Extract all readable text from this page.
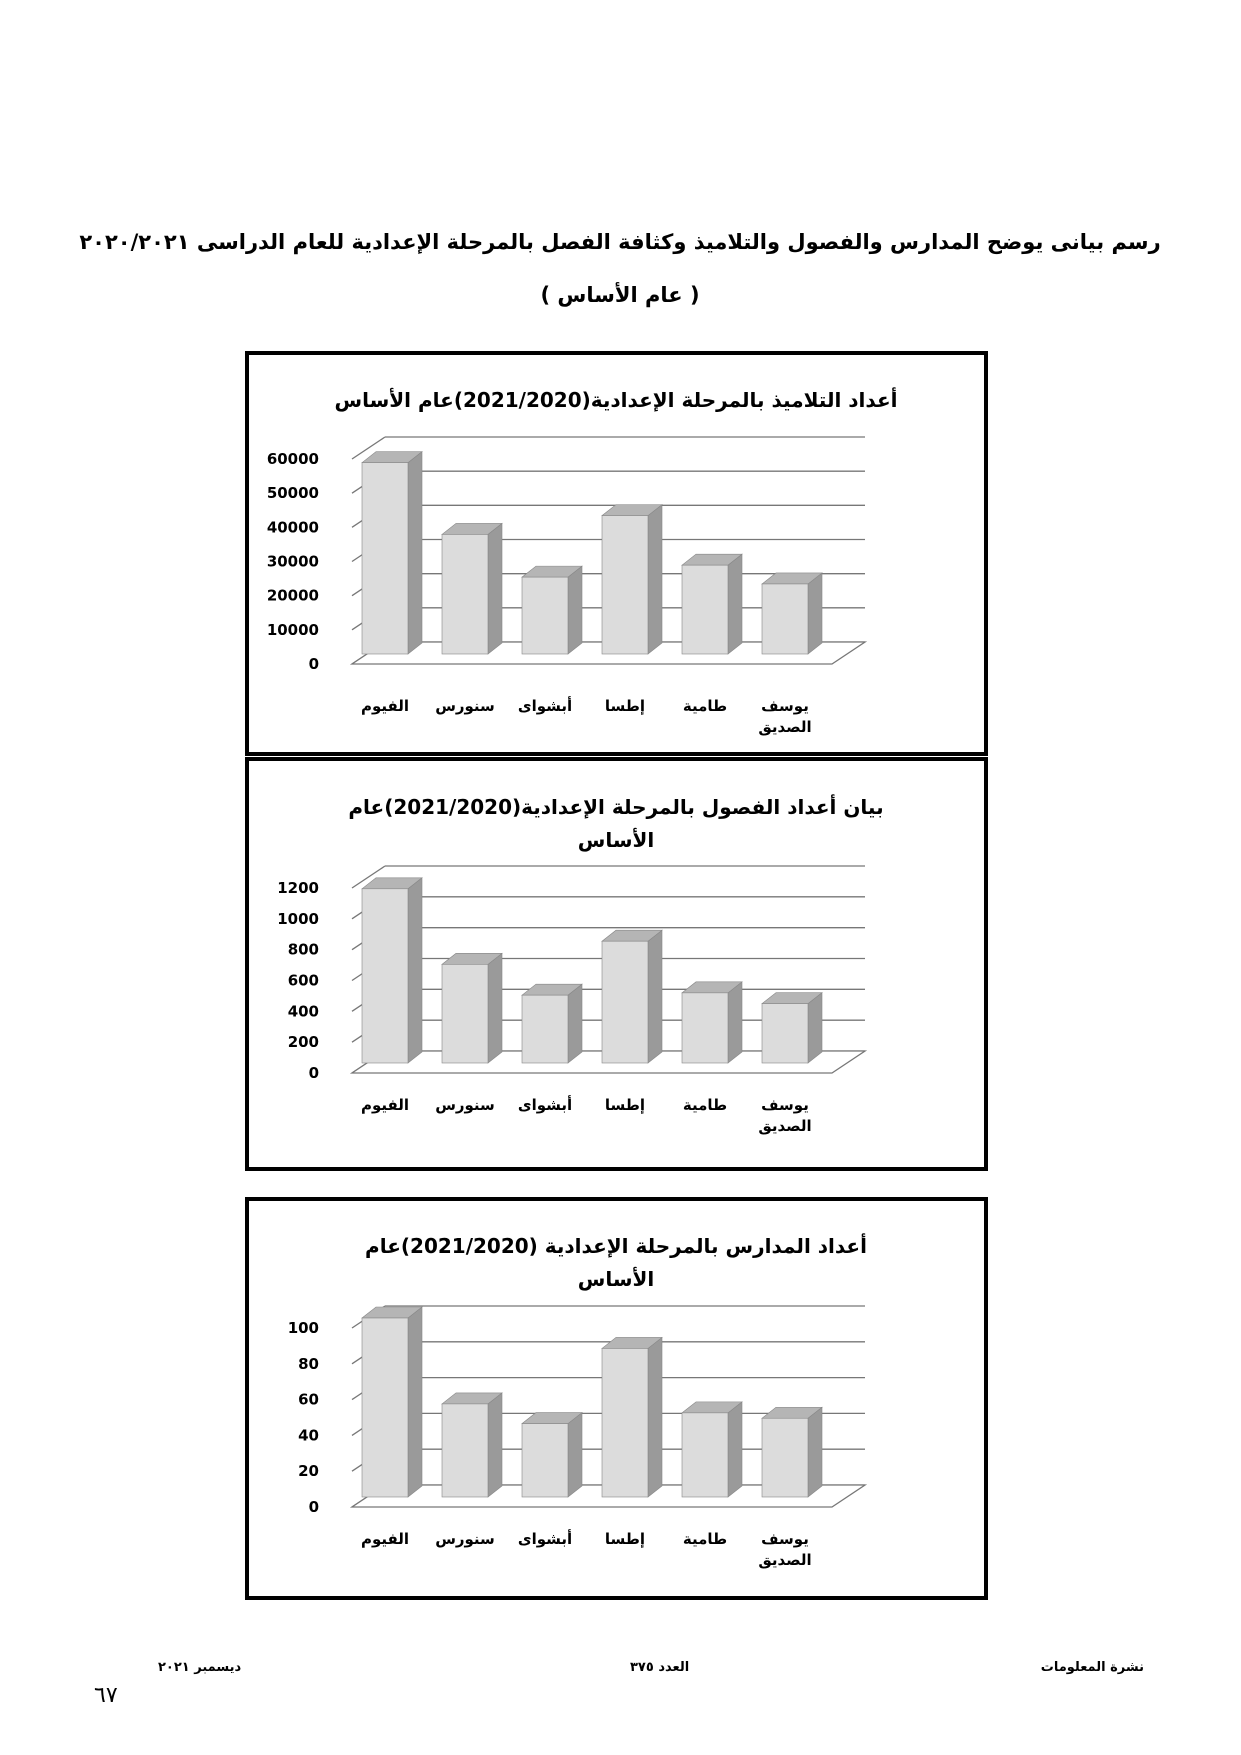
رسم بيانى يوضح المدارس والفصول والتلاميذ وكثافة الفصل بالمرحلة الإعدادية للعام الدراسى ٢٠٢٠/٢٠٢١
( عام الأساس )
أعداد التلاميذ بالمرحلة الإعدادية(2021/2020)عام الأساس
0
10000
20000
30000
40000
50000
60000
الفيوم سنورس أبشواى إطسا	طامية يوسف
الصديق
بيان أعداد الفصول بالمرحلة الإعدادية(2021/2020)عام
الأساس
0
200
400
600
800
1000
1200
الفيوم سنورس أبشواى إطسا	طامية يوسف
الصديق
أعداد المدارس بالمرحلة الإعدادية (2021/2020)عام
الأساس
0
20
40
60
80
100
الفيوم سنورس أبشواى إطسا	طامية يوسف
الصديق
ديسمبر ٢٠٢١	العدد ٣٧٥	نشرة المعلومات
٦٧
